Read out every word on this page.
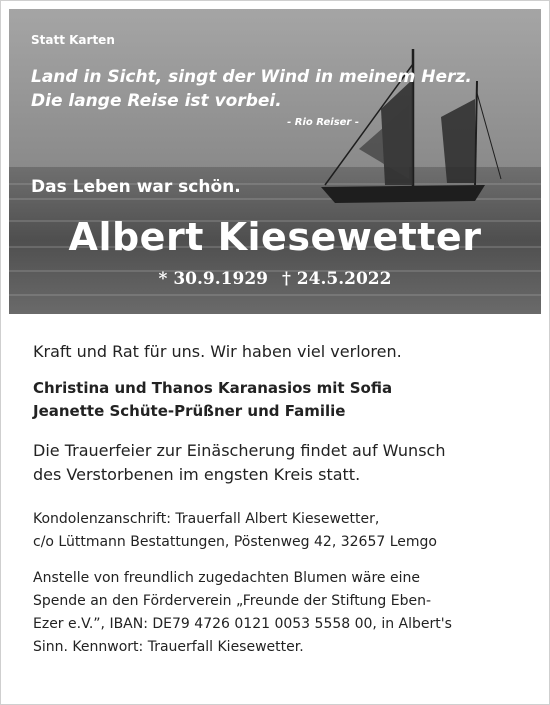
Statt Karten
Land in Sicht, singt der Wind in meinem Herz.
Die lange Reise ist vorbei.
- Rio Reiser -
Das Leben war schön.
Albert Kiesewetter
* 30.9.1929 † 24.5.2022

Kraft und Rat für uns. Wir haben viel verloren.

Christina und Thanos Karanasios mit Sofia
Jeanette Schüte-Prüßner und Familie

Die Trauerfeier zur Einäscherung findet auf Wunsch
des Verstorbenen im engsten Kreis statt.

Kondolenzanschrift: Trauerfall Albert Kiesewetter,
c/o Lüttmann Bestattungen, Pöstenweg 42, 32657 Lemgo

Anstelle von freundlich zugedachten Blumen wäre eine
Spende an den Förderverein „Freunde der Stiftung Eben-
Ezer e.V.”, IBAN: DE79 4726 0121 0053 5558 00, in Albert's
Sinn. Kennwort: Trauerfall Kiesewetter.
